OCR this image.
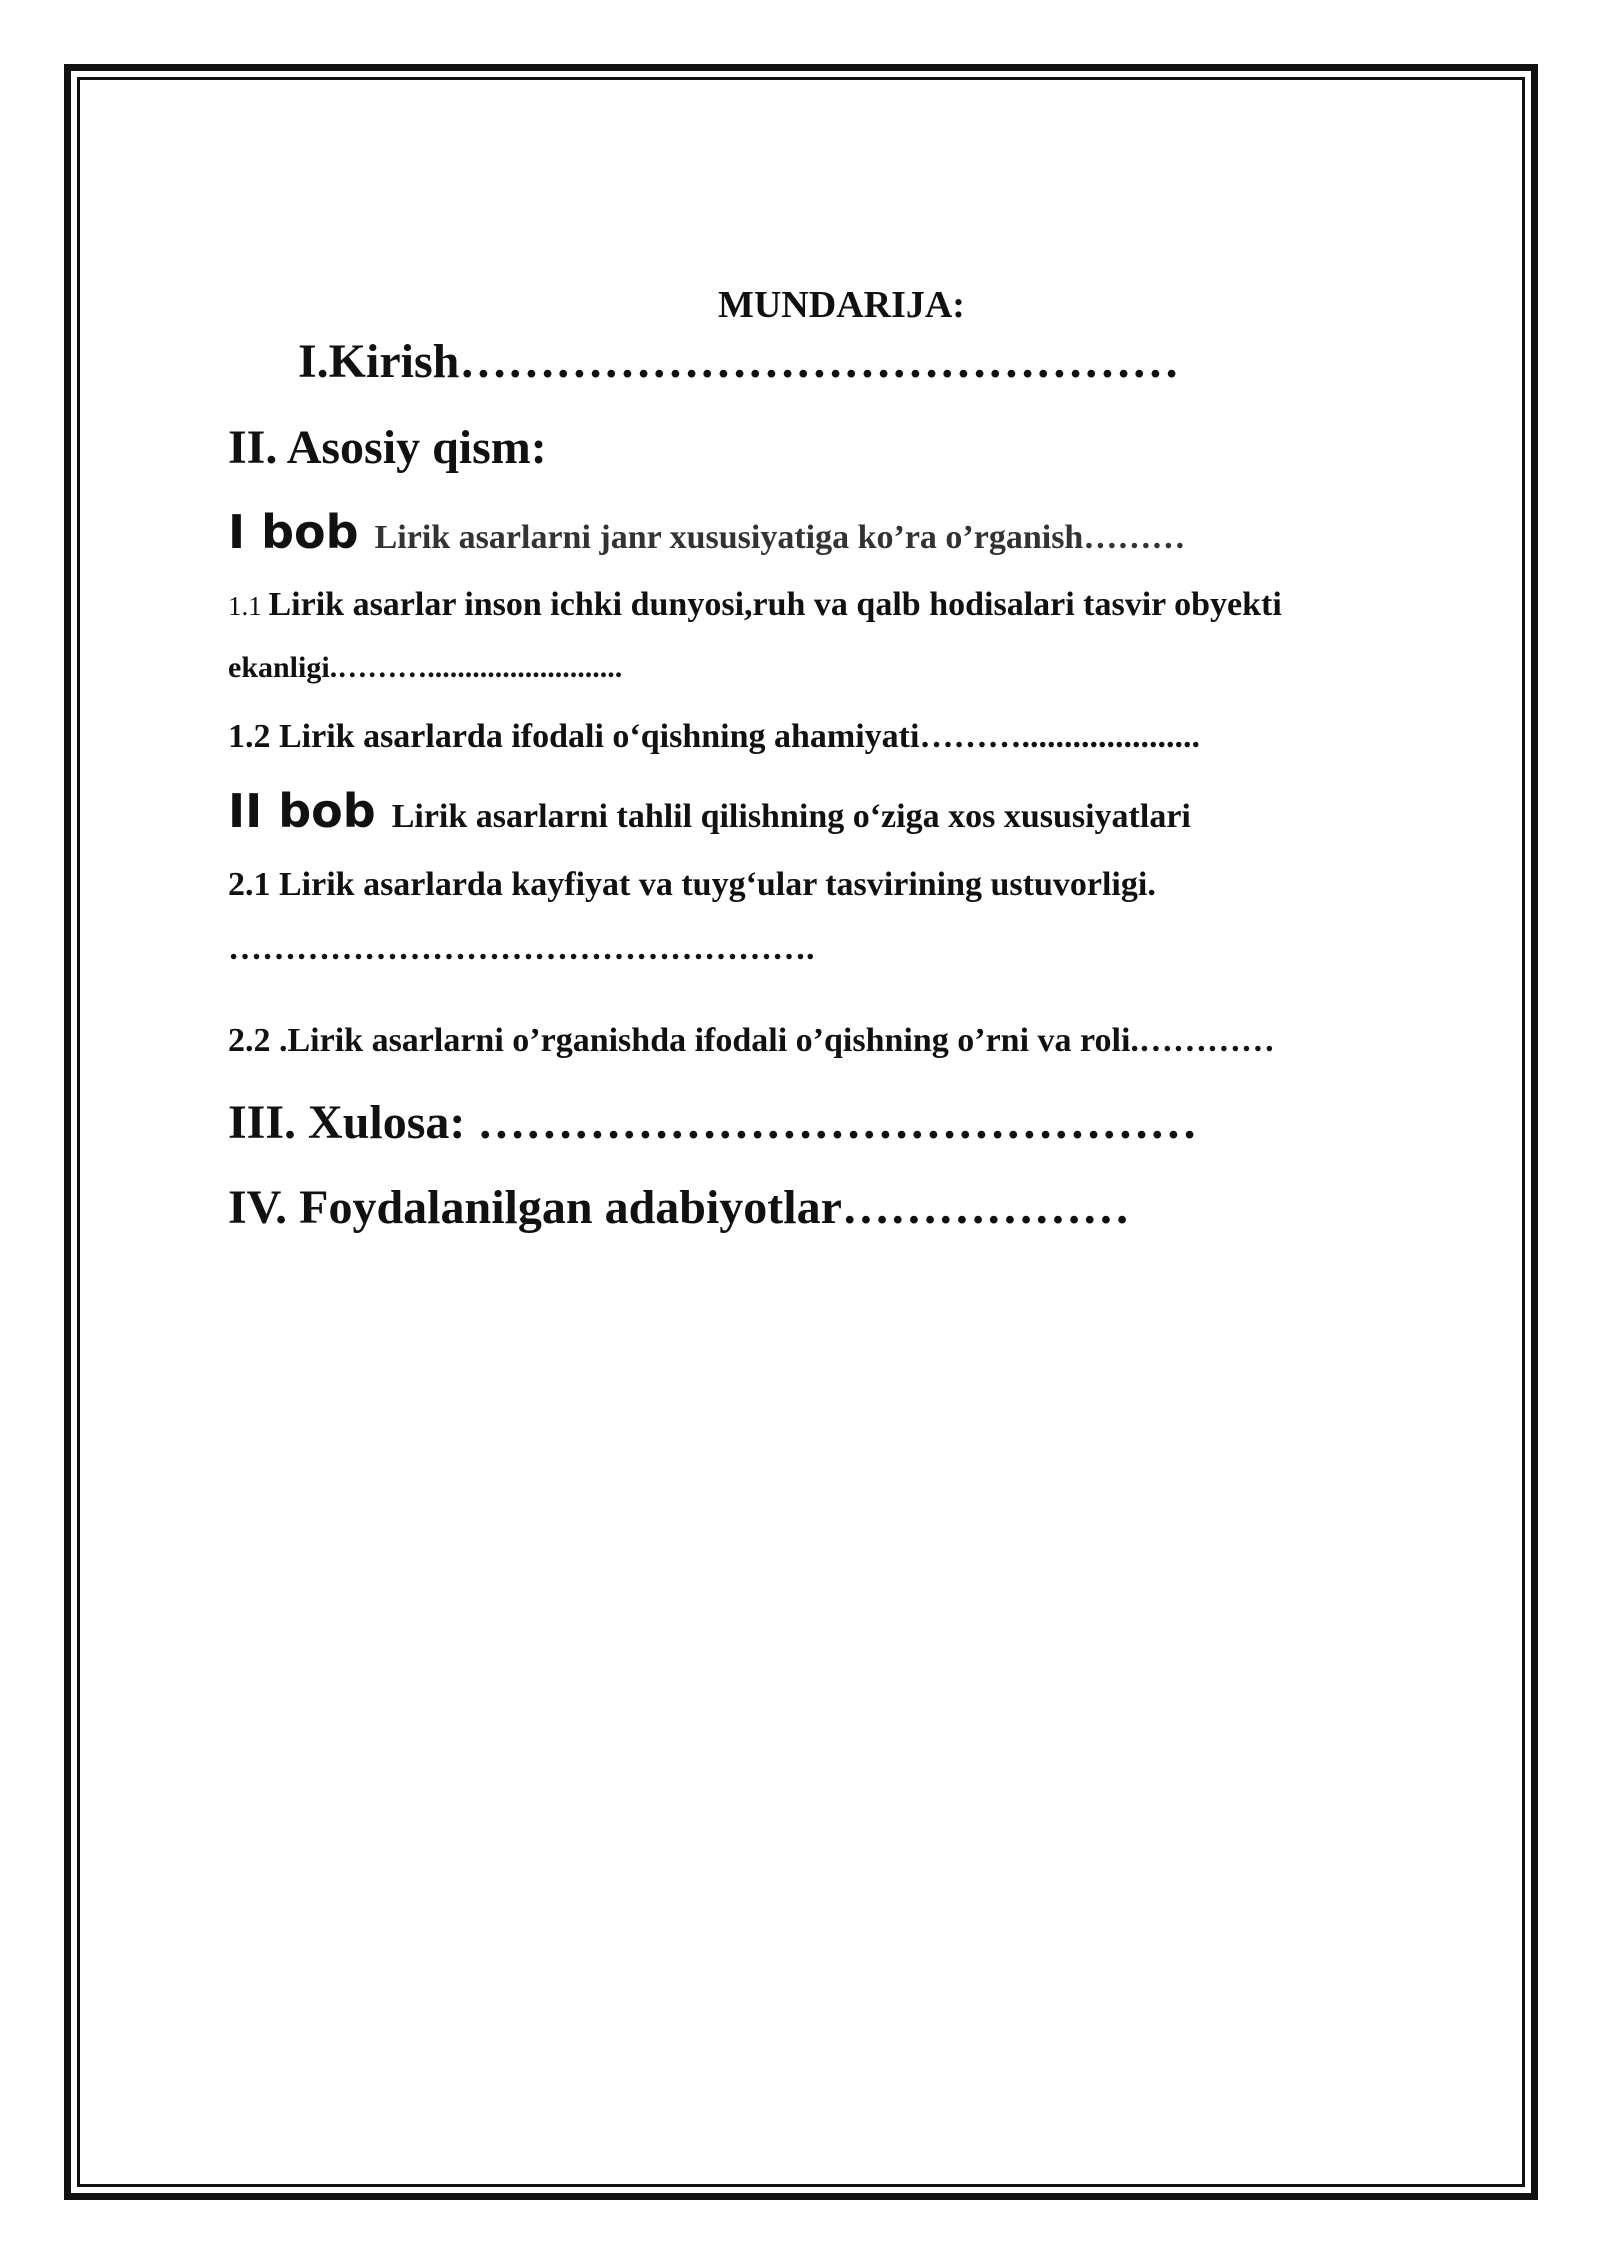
MUNDARIJA:
I.Kirish………………………………………
II. Asosiy qism:
I bob Lirik asarlarni janr xususiyatiga ko’ra o’rganish………
1.1 Lirik asarlar inson ichki dunyosi,ruh va qalb hodisalari tasvir obyekti
ekanligi.………..........................
1.2 Lirik asarlarda ifodali o‘qishning ahamiyati……….....................
II bob Lirik asarlarni tahlil qilishning o‘ziga xos xususiyatlari
2.1 Lirik asarlarda kayfiyat va tuyg‘ular tasvirining ustuvorligi.
…………………………………………….
2.2 .Lirik asarlarni o’rganishda ifodali o’qishning o’rni va roli.…………
III. Xulosa: ………………………………………
IV. Foydalanilgan adabiyotlar………………
